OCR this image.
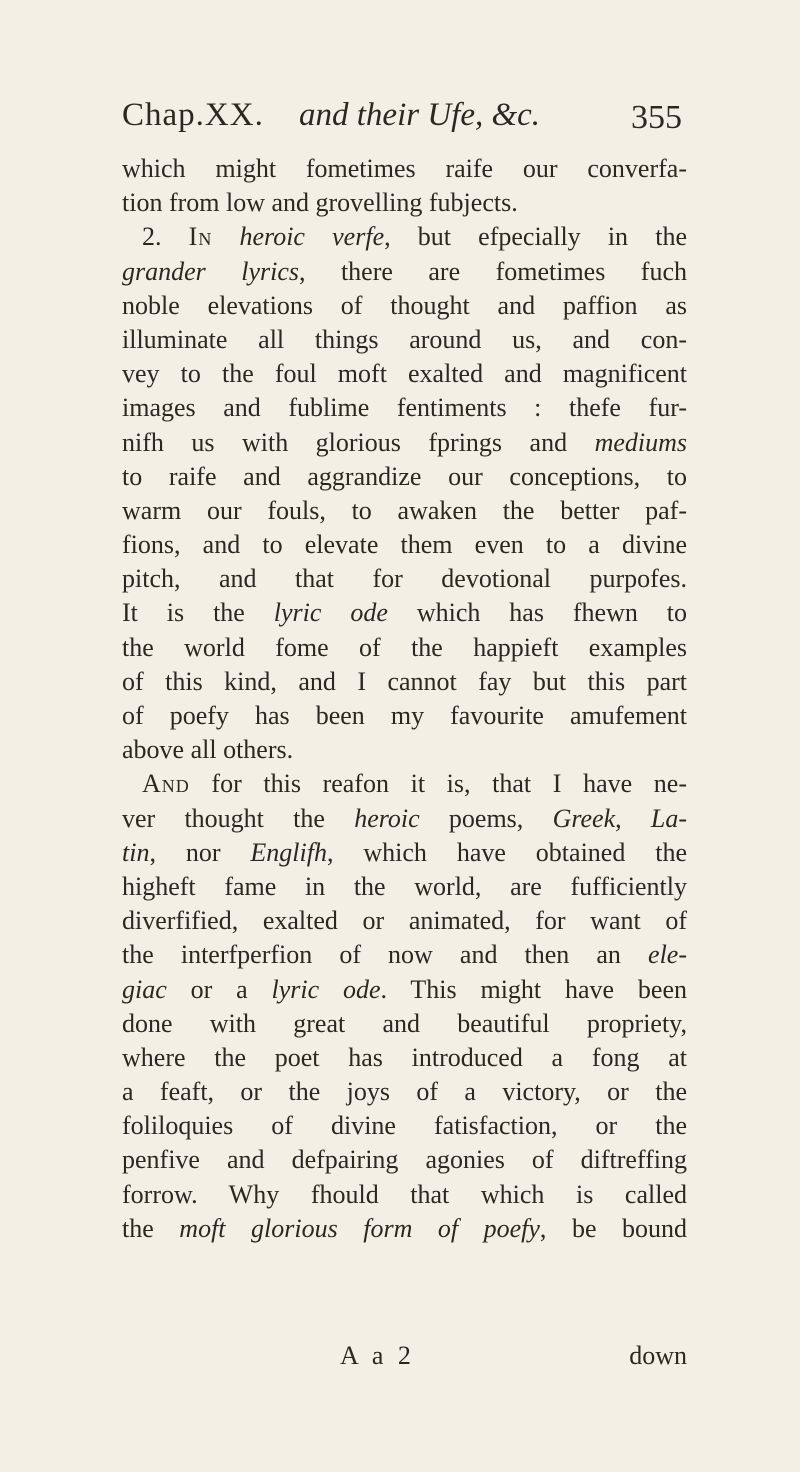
Chap.XX. and their Ufe, &c.	355
which might fometimes raife our converfa-
tion from low and grovelling fubjects.
2. In heroic verfe, but efpecially in the
grander lyrics, there are fometimes fuch
noble elevations of thought and paffion as
illuminate all things around us, and con-
vey to the foul moft exalted and magnificent
images and fublime fentiments : thefe fur-
nifh us with glorious fprings and mediums
to raife and aggrandize our conceptions, to
warm our fouls, to awaken the better paf-
fions, and to elevate them even to a divine
pitch, and that for devotional purpofes.
It is the lyric ode which has fhewn to
the world fome of the happieft examples
of this kind, and I cannot fay but this part
of poefy has been my favourite amufement
above all others.
And for this reafon it is, that I have ne-
ver thought the heroic poems, Greek, La-
tin, nor Englifh, which have obtained the
higheft fame in the world, are fufficiently
diverfified, exalted or animated, for want of
the interfperfion of now and then an ele-
giac or a lyric ode. This might have been
done with great and beautiful propriety,
where the poet has introduced a fong at
a feaft, or the joys of a victory, or the
foliloquies of divine fatisfaction, or the
penfive and defpairing agonies of diftreffing
forrow. Why fhould that which is called
the moft glorious form of poefy, be bound
A a 2	down
